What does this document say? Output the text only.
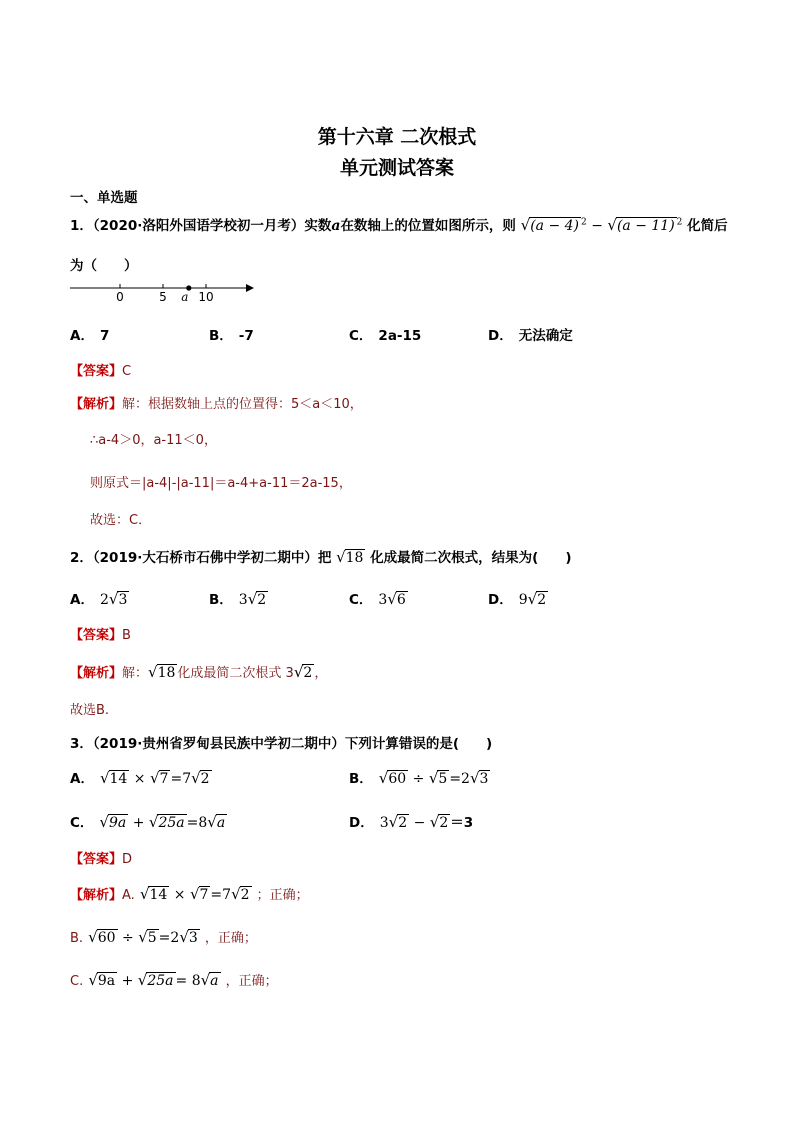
第十六章 二次根式
单元测试答案
一、单选题
1．（2020·洛阳外国语学校初一月考）实数a在数轴上的位置如图所示，则 √(a − 4) $^2$ − √(a − 11) $^2$ 化简后
为（　　）
0	5	10
a
A． 7	B． -7	C． 2a-15	D． 无法确定
【答案】C
【解析】解：根据数轴上点的位置得：5＜a＜10，
∴a-4＞0，a-11＜0，
则原式＝|a-4|-|a-11|＝a-4+a-11＝2a-15，
故选：C．
2．（2019·大石桥市石佛中学初二期中）把 √18 化成最简二次根式，结果为(　　)
A． 2√3	B． 3√2	C． 3√6	D． 9√2
【答案】B
【解析】解：√18 化成最简二次根式 3√2 ，
故选B.
3．（2019·贵州省罗甸县民族中学初二期中）下列计算错误的是(　　)
A． √14 × √7 =7√2	B． √60 ÷ √5 =2√3
C． √9a + √25a =8√a	D． 3√2 − √2 ＝3
【答案】D
【解析】A. √14 × √7 =7√2 ；正确；
B. √60 ÷ √5 =2√3 ，正确；
C. √9a + √25a = 8√a ，正确；
